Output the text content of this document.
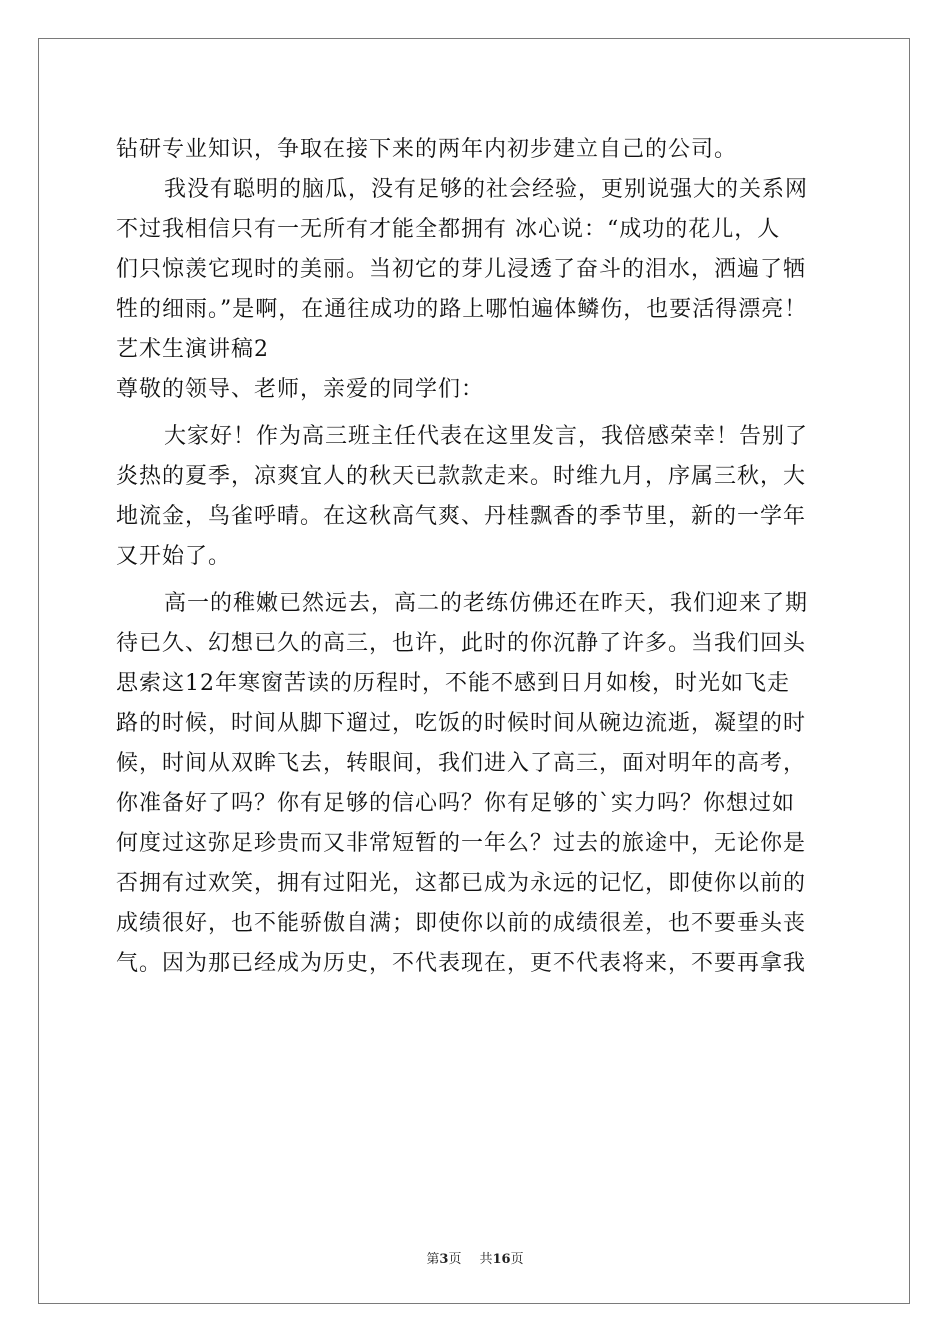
钻研专业知识，争取在接下来的两年内初步建立自己的公司。
我没有聪明的脑瓜，没有足够的社会经验，更别说强大的关系网
不过我相信只有一无所有才能全都拥有 冰心说：“成功的花儿，人
们只惊羡它现时的美丽。当初它的芽儿浸透了奋斗的泪水，洒遍了牺
牲的细雨。”是啊，在通往成功的路上哪怕遍体鳞伤，也要活得漂亮！
艺术生演讲稿2
尊敬的领导、老师，亲爱的同学们：
大家好！作为高三班主任代表在这里发言，我倍感荣幸！告别了
炎热的夏季，凉爽宜人的秋天已款款走来。时维九月，序属三秋，大
地流金，鸟雀呼晴。在这秋高气爽、丹桂飘香的季节里，新的一学年
又开始了。
高一的稚嫩已然远去，高二的老练仿佛还在昨天，我们迎来了期
待已久、幻想已久的高三，也许，此时的你沉静了许多。当我们回头
思索这12年寒窗苦读的历程时，不能不感到日月如梭，时光如飞走
路的时候，时间从脚下遛过，吃饭的时候时间从碗边流逝，凝望的时
候，时间从双眸飞去，转眼间，我们进入了高三，面对明年的高考，
你准备好了吗？你有足够的信心吗？你有足够的`实力吗？你想过如
何度过这弥足珍贵而又非常短暂的一年么？过去的旅途中，无论你是
否拥有过欢笑，拥有过阳光，这都已成为永远的记忆，即使你以前的
成绩很好，也不能骄傲自满；即使你以前的成绩很差，也不要垂头丧
气。因为那已经成为历史，不代表现在，更不代表将来，不要再拿我
第3页 共16页
